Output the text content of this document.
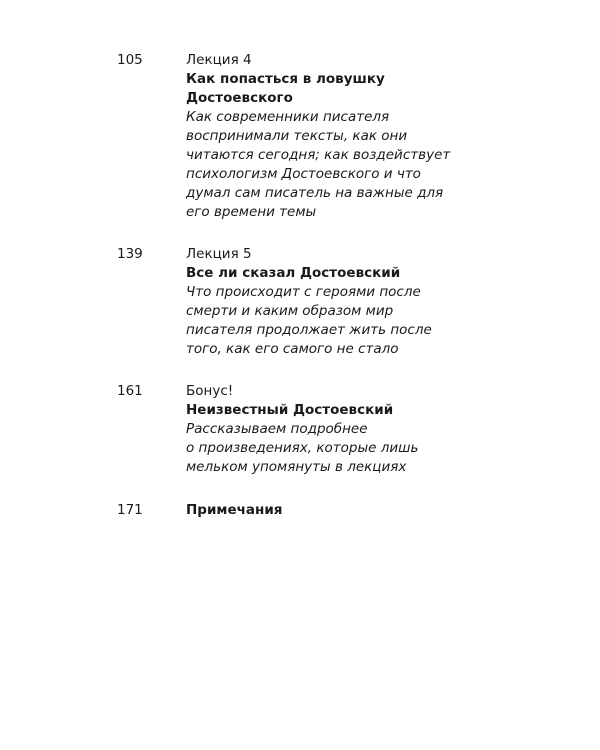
105	Лекция 4
Как попасться в ловушку
Достоевского
Как современники писателя
воспринимали тексты, как они
читаются сегодня; как воздействует
психологизм Достоевского и что
думал сам писатель на важные для
его времени темы
139	Лекция 5
Все ли сказал Достоевский
Что происходит с героями после
смерти и каким образом мир
писателя продолжает жить после
того, как его самого не стало
161	Бонус!
Неизвестный Достоевский
Рассказываем подробнее
о произведениях, которые лишь
мельком упомянуты в лекциях
171	Примечания
